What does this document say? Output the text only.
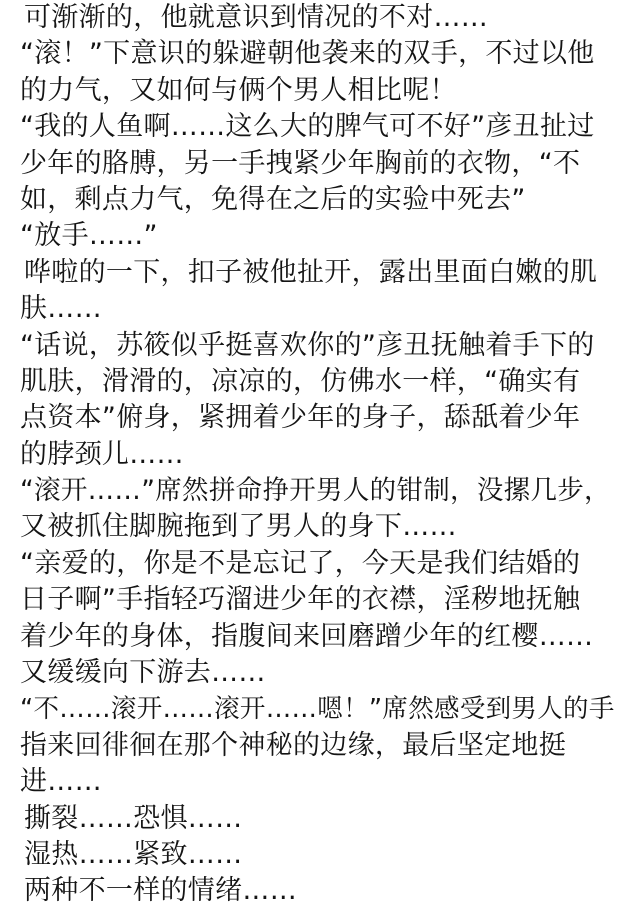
可渐渐的，他就意识到情况的不对……
“滚！”下意识的躲避朝他袭来的双手，不过以他
的力气，又如何与俩个男人相比呢！
“我的人鱼啊……这么大的脾气可不好”彦丑扯过
少年的胳膊，另一手拽紧少年胸前的衣物，“不
如，剩点力气，免得在之后的实验中死去”
“放手……”
哗啦的一下，扣子被他扯开，露出里面白嫩的肌
肤……
“话说，苏筱似乎挺喜欢你的”彦丑抚触着手下的
肌肤，滑滑的，凉凉的，仿佛水一样，“确实有
点资本”俯身，紧拥着少年的身子，舔舐着少年
的脖颈儿……
“滚开……”席然拼命挣开男人的钳制，没摞几步，
又被抓住脚腕拖到了男人的身下……
“亲爱的，你是不是忘记了，今天是我们结婚的
日子啊”手指轻巧溜进少年的衣襟，淫秽地抚触
着少年的身体，指腹间来回磨蹭少年的红樱……
又缓缓向下游去……
“不……滚开……滚开……嗯！”席然感受到男人的手
指来回徘徊在那个神秘的边缘，最后坚定地挺
进……
撕裂……恐惧……
湿热……紧致……
两种不一样的情绪……
